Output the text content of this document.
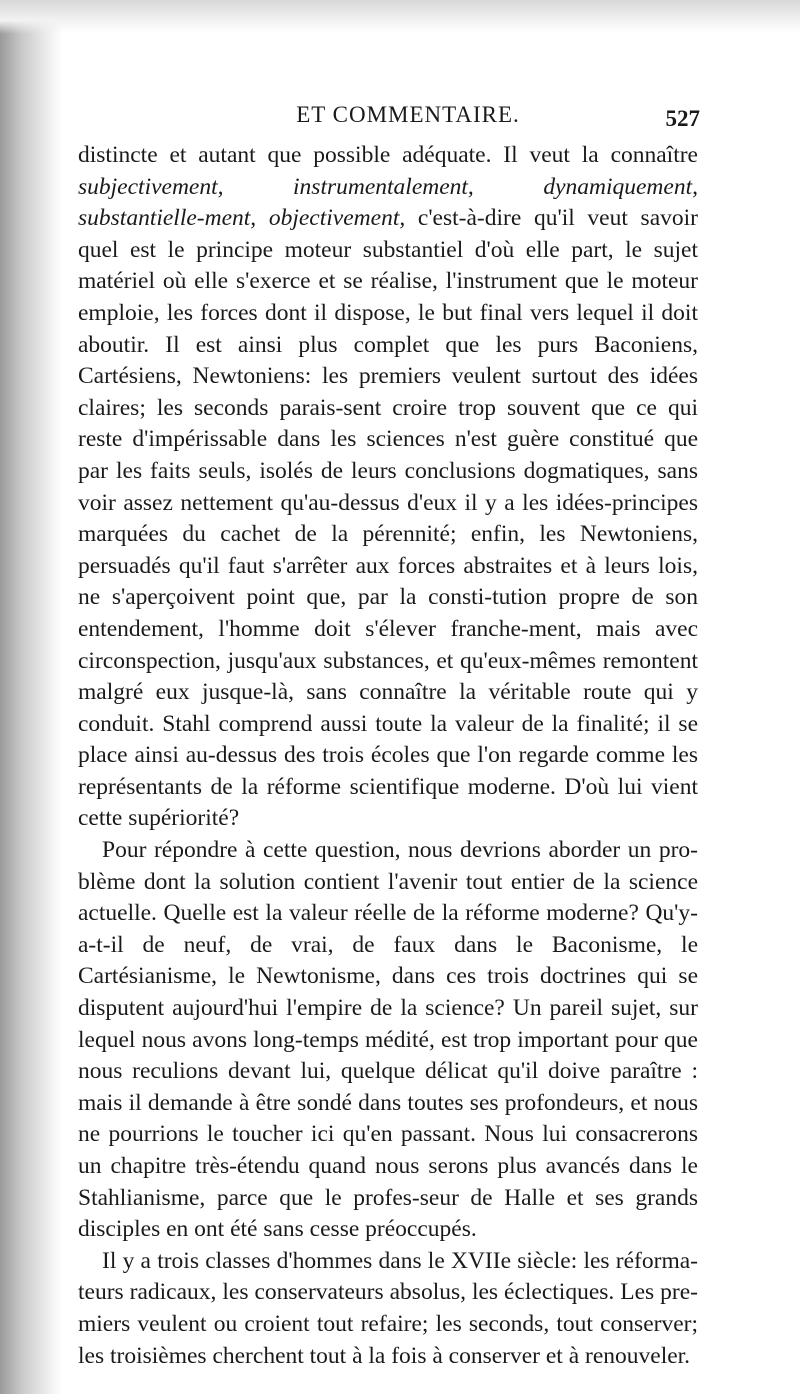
ET COMMENTAIRE.	527

distincte et autant que possible adéquate. Il veut la connaître subjectivement, instrumentalement, dynamiquement, substantielle-ment, objectivement, c'est-à-dire qu'il veut savoir quel est le principe moteur substantiel d'où elle part, le sujet matériel où elle s'exerce et se réalise, l'instrument que le moteur emploie, les forces dont il dispose, le but final vers lequel il doit aboutir. Il est ainsi plus complet que les purs Baconiens, Cartésiens, Newtoniens: les premiers veulent surtout des idées claires; les seconds parais-sent croire trop souvent que ce qui reste d'impérissable dans les sciences n'est guère constitué que par les faits seuls, isolés de leurs conclusions dogmatiques, sans voir assez nettement qu'au-dessus d'eux il y a les idées-principes marquées du cachet de la pérennité; enfin, les Newtoniens, persuadés qu'il faut s'arrêter aux forces abstraites et à leurs lois, ne s'aperçoivent point que, par la consti-tution propre de son entendement, l'homme doit s'élever franche-ment, mais avec circonspection, jusqu'aux substances, et qu'eux-mêmes remontent malgré eux jusque-là, sans connaître la véritable route qui y conduit. Stahl comprend aussi toute la valeur de la finalité; il se place ainsi au-dessus des trois écoles que l'on regarde comme les représentants de la réforme scientifique moderne. D'où lui vient cette supériorité?

Pour répondre à cette question, nous devrions aborder un pro-blème dont la solution contient l'avenir tout entier de la science actuelle. Quelle est la valeur réelle de la réforme moderne? Qu'y-a-t-il de neuf, de vrai, de faux dans le Baconisme, le Cartésianisme, le Newtonisme, dans ces trois doctrines qui se disputent aujourd'hui l'empire de la science? Un pareil sujet, sur lequel nous avons long-temps médité, est trop important pour que nous reculions devant lui, quelque délicat qu'il doive paraître : mais il demande à être sondé dans toutes ses profondeurs, et nous ne pourrions le toucher ici qu'en passant. Nous lui consacrerons un chapitre très-étendu quand nous serons plus avancés dans le Stahlianisme, parce que le profes-seur de Halle et ses grands disciples en ont été sans cesse préoccupés.

Il y a trois classes d'hommes dans le XVIIe siècle: les réforma-teurs radicaux, les conservateurs absolus, les éclectiques. Les pre-miers veulent ou croient tout refaire; les seconds, tout conserver; les troisièmes cherchent tout à la fois à conserver et à renouveler.
